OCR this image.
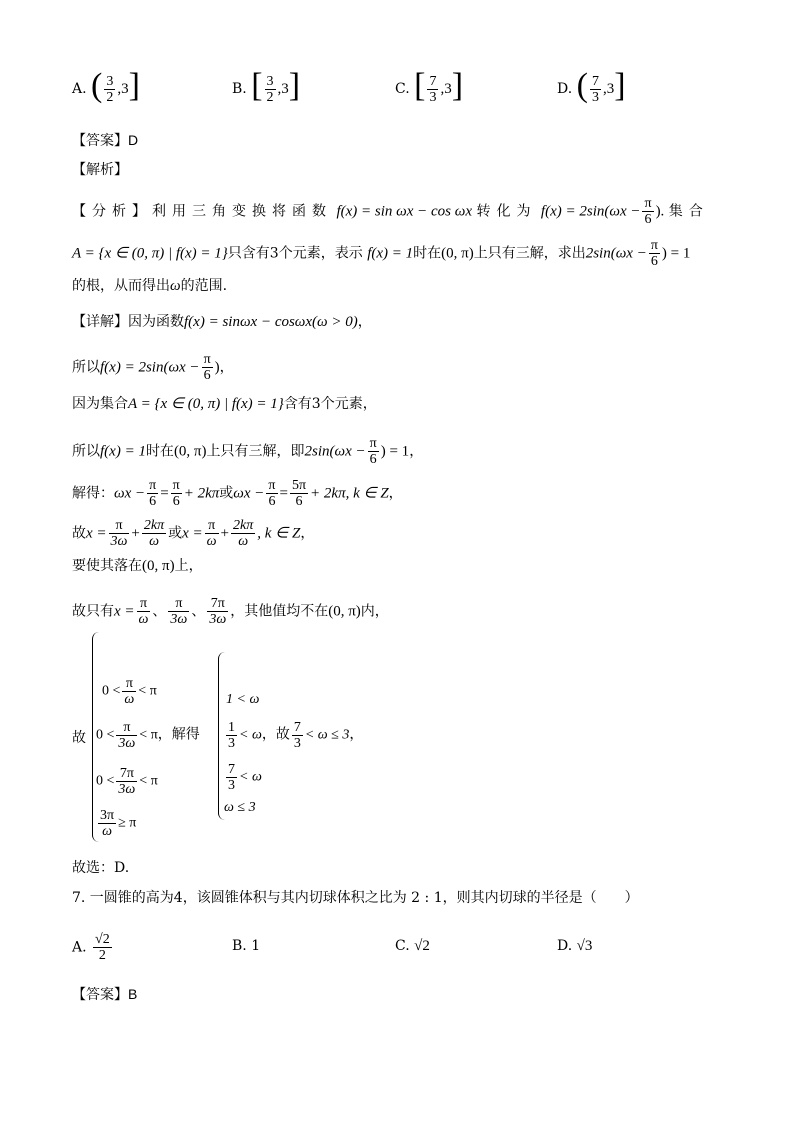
A. ( $\frac{3}{2} ,3$]	B. [ $\frac{3}{2} ,3$]	C. [ $\frac{7}{3} ,3$]	D. ( $\frac{7}{3} ,3$]
【答案】D
【解析】
【分析】利用三角变换将函数 f(x) = sin ωx − cos ωx 转化为 $f(x) = 2\sin(\omega x - \frac{\pi}{6}$ ). 集合
A = {x ∈ (0, π) | f(x) = 1}只含有3个元素，表示 f(x) = 1时在(0, π)上只有三解，求出$2\sin(\omega x - \frac{\pi}{6}$ ) = 1
的根，从而得出ω的范围.
【详解】因为函数f(x) = sinωx − cosωx(ω > 0)，
所以$f(x) = 2\sin(\omega x - \frac{\pi}{6}$ )，
因为集合A = {x ∈ (0, π) | f(x) = 1}含有3个元素，
所以f(x) = 1时在(0, π)上只有三解，即$2\sin(\omega x - \frac{\pi}{6}$ ) = 1，
解得：$\omega x - \frac{\pi}{6} = \frac{\pi}{6} + 2k\pi$或$\omega x - \frac{\pi}{6} = \frac{5\pi}{6} + 2k\pi$, k ∈ Z，
故$x = \frac{\pi}{3\omega} + \frac{2k\pi}{\omega}$ 或$x = \frac{\pi}{\omega} + \frac{2k\pi}{\omega}$ , k ∈ Z，
要使其落在(0, π)上，
故只有$x = \frac{\pi}{\omega}$ 、 $\frac{\pi}{3\omega}$ 、 $\frac{7\pi}{3\omega}$ ，其他值均不在(0, π)内，
故
$0 < \frac{\pi}{\omega} < \pi$
$0 < \frac{\pi}{3\omega} < \pi$，解得
$0 < \frac{7\pi}{3\omega} < \pi$
$\frac{3\pi}{\omega} \ge \pi$
1 < ω
$\frac{1}{3} < \omega$，故 $\frac{7}{3} < \omega \le 3$，
$\frac{7}{3} < \omega$
ω ≤ 3
故选：D.
7. 一圆锥的高为4，该圆锥体积与其内切球体积之比为 2 : 1，则其内切球的半径是（　　）
A. $\frac{√2}{2}$	B. 1	C. √2	D. √3
【答案】B
